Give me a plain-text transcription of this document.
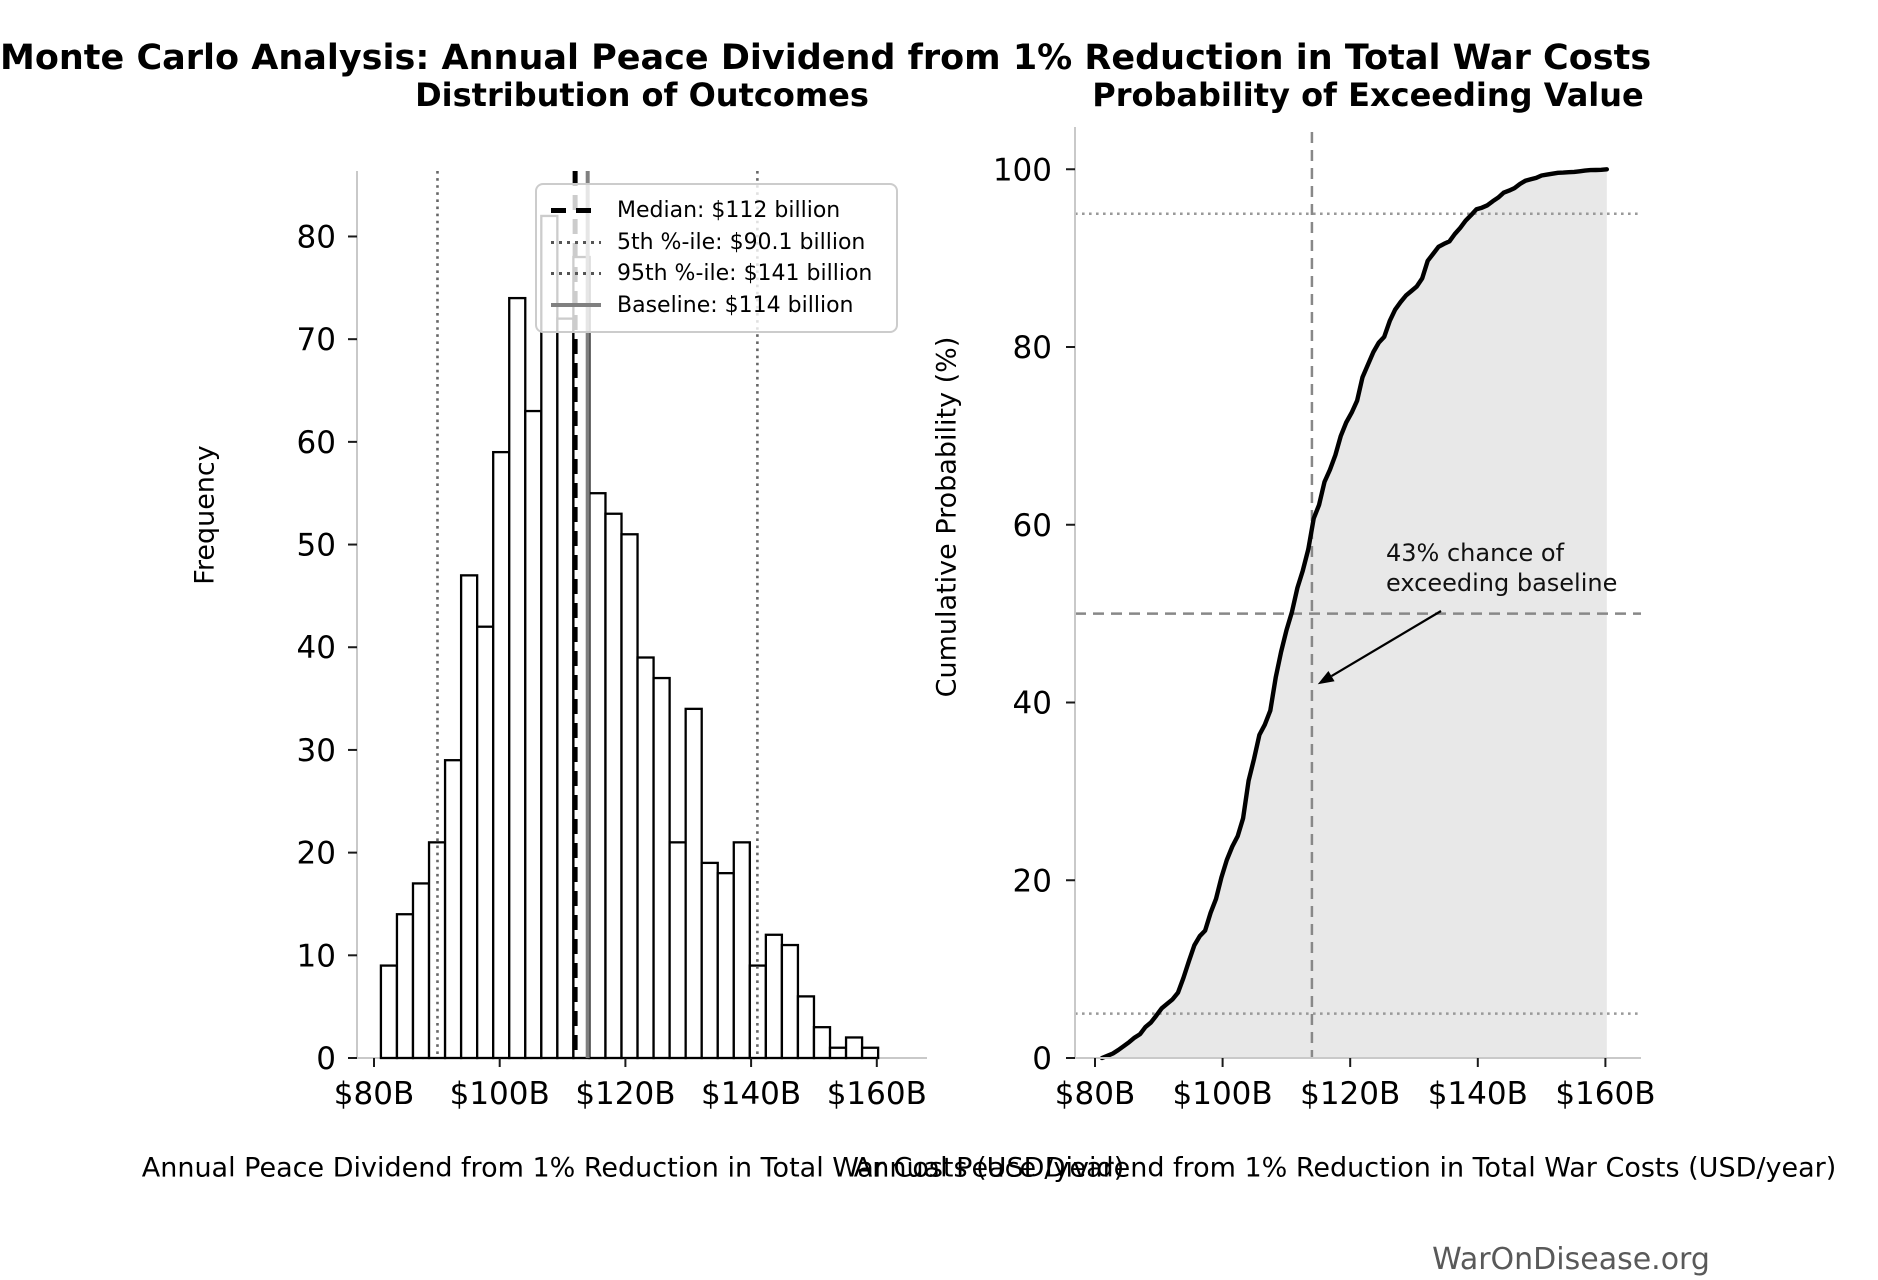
0
10
20
30
40
50
60
70
80
$80B $100B $120B $140B $160B
0
20
40
60
80
100
$80B $100B $120B $140B $160B
Monte Carlo Analysis: Annual Peace Dividend from 1% Reduction in Total War Costs
Distribution of Outcomes	Probability of Exceeding Value
Frequency	Cumulative Probability (%)
Annual Peace Dividend from 1% Reduction in Total War Costs (USD/year)
Annual Peace Dividend from 1% Reduction in Total War Costs (USD/year)
Median: $112 billion
5th %-ile: $90.1 billion
95th %-ile: $141 billion
Baseline: $114 billion
43% chance of
exceeding baseline
WarOnDisease.org
